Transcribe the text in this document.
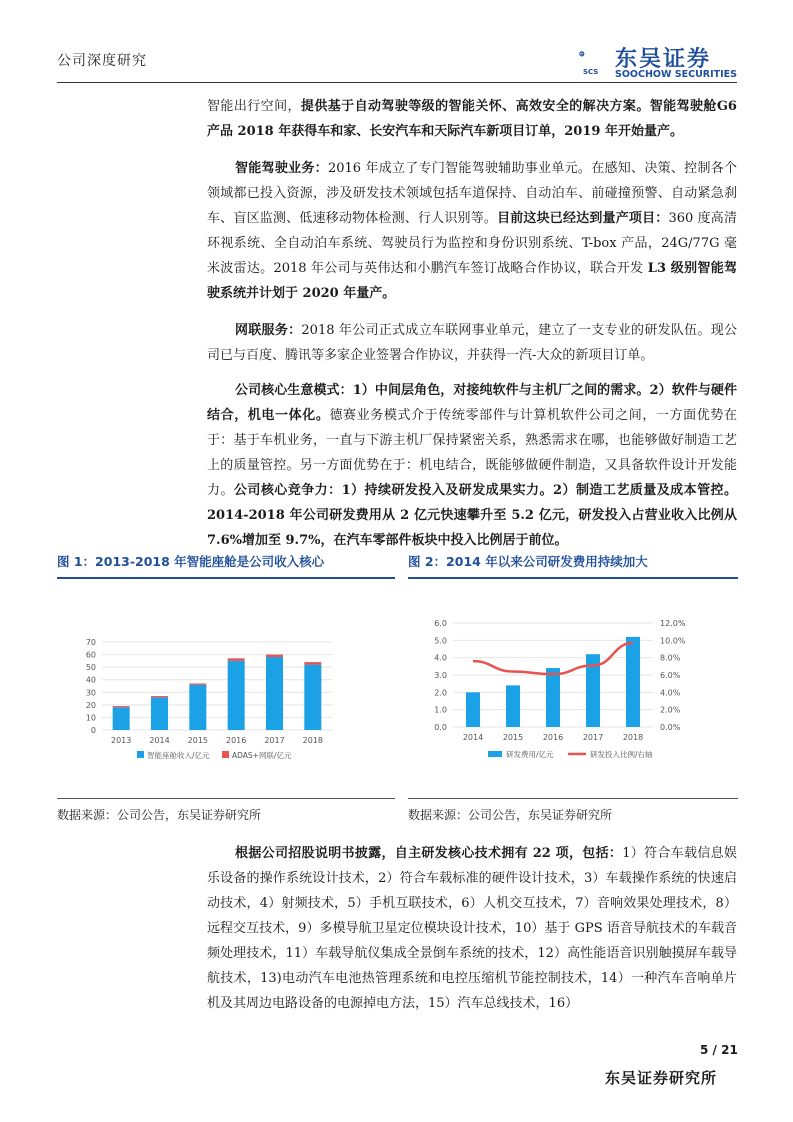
公司深度研究	东吴证券
SCS SOOCHOW SECURITIES
智能出行空间，提供基于自动驾驶等级的智能关怀、高效安全的解决方案。智能驾驶舱G6 产品 2018 年获得车和家、长安汽车和天际汽车新项目订单，2019 年开始量产。
智能驾驶业务：2016 年成立了专门智能驾驶辅助事业单元。在感知、决策、控制各个领域都已投入资源，涉及研发技术领域包括车道保持、自动泊车、前碰撞预警、自动紧急刹车、盲区监测、低速移动物体检测、行人识别等。目前这块已经达到量产项目：360 度高清环视系统、全自动泊车系统、驾驶员行为监控和身份识别系统、T-box 产品，24G/77G 毫米波雷达。2018 年公司与英伟达和小鹏汽车签订战略合作协议，联合开发 L3 级别智能驾驶系统并计划于 2020 年量产。
网联服务：2018 年公司正式成立车联网事业单元，建立了一支专业的研发队伍。现公司已与百度、腾讯等多家企业签署合作协议，并获得一汽-大众的新项目订单。
公司核心生意模式：1）中间层角色，对接纯软件与主机厂之间的需求。2）软件与硬件结合，机电一体化。德赛业务模式介于传统零部件与计算机软件公司之间，一方面优势在于：基于车机业务，一直与下游主机厂保持紧密关系，熟悉需求在哪，也能够做好制造工艺上的质量管控。另一方面优势在于：机电结合，既能够做硬件制造，又具备软件设计开发能力。公司核心竞争力：1）持续研发投入及研发成果实力。2）制造工艺质量及成本管控。2014-2018 年公司研发费用从 2 亿元快速攀升至 5.2 亿元，研发投入占营业收入比例从 7.6%增加至 9.7%，在汽车零部件板块中投入比例居于前位。
图 1：2013-2018 年智能座舱是公司收入核心
0
10
20
30
40
50
60
70
2013 2014 2015 2016 2017 2018
智能座舱收入/亿元	ADAS+网联/亿元
数据来源：公司公告，东吴证券研究所
图 2：2014 年以来公司研发费用持续加大
0.0
1.0
2.0
3.0
4.0
5.0
6.0
0.0%
2.0%
4.0%
6.0%
8.0%
10.0%
12.0%
2014 2015 2016 2017 2018
研发费用/亿元	研发投入比例/右轴
数据来源：公司公告，东吴证券研究所
根据公司招股说明书披露，自主研发核心技术拥有 22 项，包括：1）符合车载信息娱乐设备的操作系统设计技术，2）符合车载标准的硬件设计技术，3）车载操作系统的快速启动技术，4）射频技术，5）手机互联技术，6）人机交互技术，7）音响效果处理技术，8）远程交互技术，9）多模导航卫星定位模块设计技术，10）基于 GPS 语音导航技术的车载音频处理技术，11）车载导航仪集成全景倒车系统的技术，12）高性能语音识别触摸屏车载导航技术，13)电动汽车电池热管理系统和电控压缩机节能控制技术，14）一种汽车音响单片机及其周边电路设备的电源掉电方法，15）汽车总线技术，16）
5 / 21
东吴证券研究所
